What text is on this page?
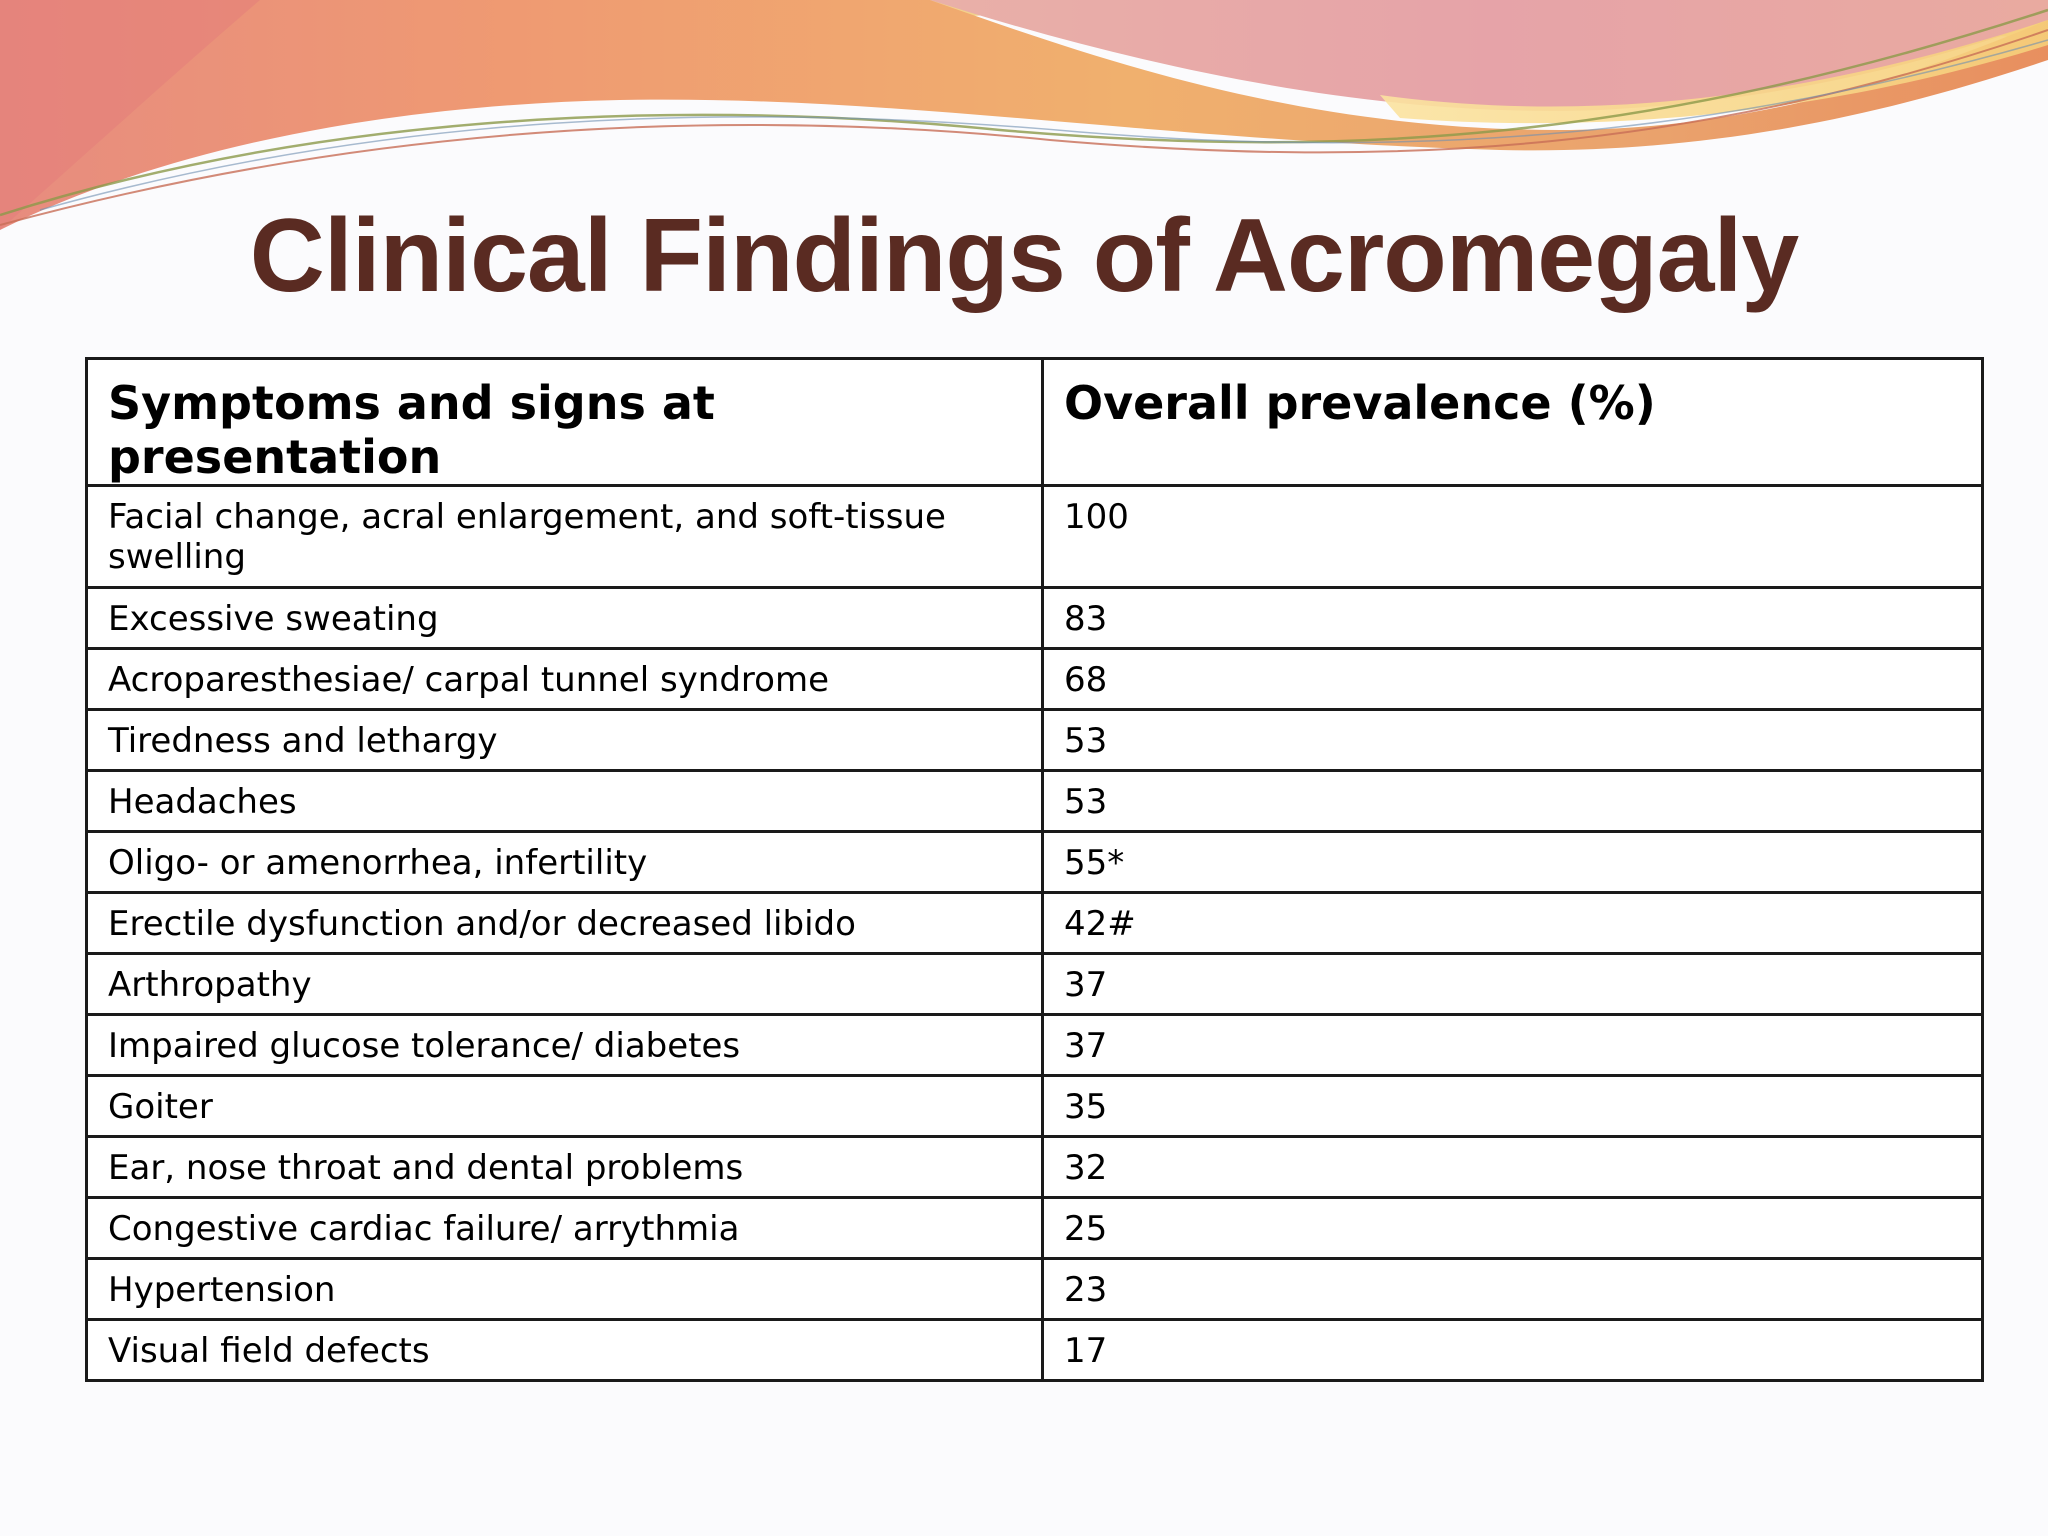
Clinical Findings of Acromegaly
Symptoms and signs at presentation	Overall prevalence (%)
Facial change, acral enlargement, and soft-tissue swelling	100
Excessive sweating	83
Acroparesthesiae/ carpal tunnel syndrome	68
Tiredness and lethargy	53
Headaches	53
Oligo- or amenorrhea, infertility	55*
Erectile dysfunction and/or decreased libido	42#
Arthropathy	37
Impaired glucose tolerance/ diabetes	37
Goiter	35
Ear, nose throat and dental problems	32
Congestive cardiac failure/ arrythmia	25
Hypertension	23
Visual field defects	17
